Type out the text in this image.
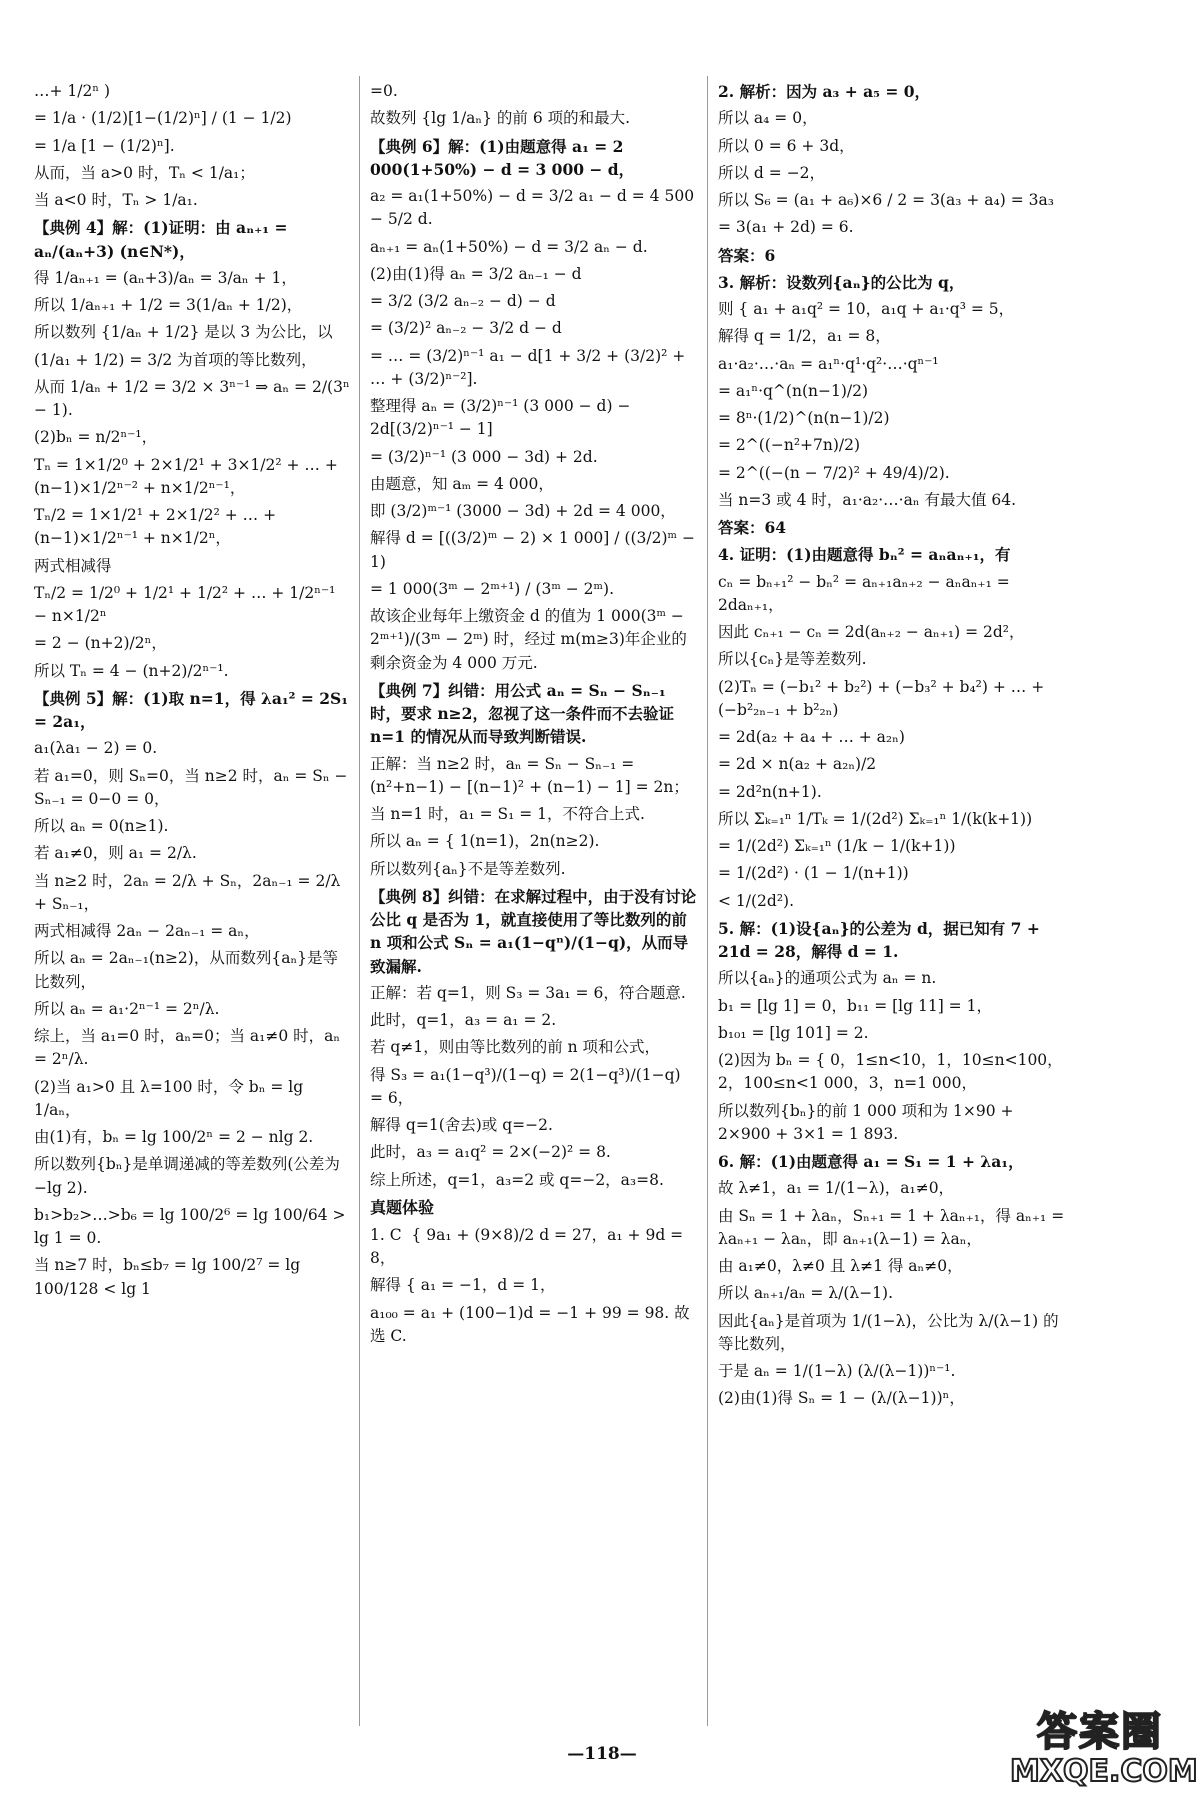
…+ 1/2ⁿ )

= 1/a · (1/2)[1−(1/2)ⁿ] / (1 − 1/2)

= 1/a [1 − (1/2)ⁿ].

从而，当 a>0 时，Tₙ < 1/a₁；

当 a<0 时，Tₙ > 1/a₁.

【典例 4】解：(1)证明：由 aₙ₊₁ = aₙ/(aₙ+3) (n∈N*)，

得 1/aₙ₊₁ = (aₙ+3)/aₙ = 3/aₙ + 1，

所以 1/aₙ₊₁ + 1/2 = 3(1/aₙ + 1/2)，

所以数列 {1/aₙ + 1/2} 是以 3 为公比，以

(1/a₁ + 1/2) = 3/2 为首项的等比数列，

从而 1/aₙ + 1/2 = 3/2 × 3ⁿ⁻¹ ⇒ aₙ = 2/(3ⁿ − 1).

(2)bₙ = n/2ⁿ⁻¹，

Tₙ = 1×1/2⁰ + 2×1/2¹ + 3×1/2² + … + (n−1)×1/2ⁿ⁻² + n×1/2ⁿ⁻¹，

Tₙ/2 = 1×1/2¹ + 2×1/2² + … + (n−1)×1/2ⁿ⁻¹ + n×1/2ⁿ，

两式相减得

Tₙ/2 = 1/2⁰ + 1/2¹ + 1/2² + … + 1/2ⁿ⁻¹ − n×1/2ⁿ

= 2 − (n+2)/2ⁿ，

所以 Tₙ = 4 − (n+2)/2ⁿ⁻¹.

【典例 5】解：(1)取 n=1，得 λa₁² = 2S₁ = 2a₁，

a₁(λa₁ − 2) = 0.

若 a₁=0，则 Sₙ=0，当 n≥2 时，aₙ = Sₙ − Sₙ₋₁ = 0−0 = 0，

所以 aₙ = 0(n≥1).

若 a₁≠0，则 a₁ = 2/λ.

当 n≥2 时，2aₙ = 2/λ + Sₙ，2aₙ₋₁ = 2/λ + Sₙ₋₁，

两式相减得 2aₙ − 2aₙ₋₁ = aₙ，

所以 aₙ = 2aₙ₋₁(n≥2)，从而数列{aₙ}是等比数列，

所以 aₙ = a₁·2ⁿ⁻¹ = 2ⁿ/λ.

综上，当 a₁=0 时，aₙ=0；当 a₁≠0 时，aₙ = 2ⁿ/λ.

(2)当 a₁>0 且 λ=100 时，令 bₙ = lg 1/aₙ，

由(1)有，bₙ = lg 100/2ⁿ = 2 − nlg 2.

所以数列{bₙ}是单调递减的等差数列(公差为 −lg 2).

b₁>b₂>…>b₆ = lg 100/2⁶ = lg 100/64 > lg 1 = 0.

当 n≥7 时，bₙ≤b₇ = lg 100/2⁷ = lg 100/128 < lg 1

=0.

故数列 {lg 1/aₙ} 的前 6 项的和最大.

【典例 6】解：(1)由题意得 a₁ = 2 000(1+50%) − d = 3 000 − d，

a₂ = a₁(1+50%) − d = 3/2 a₁ − d = 4 500 − 5/2 d.

aₙ₊₁ = aₙ(1+50%) − d = 3/2 aₙ − d.

(2)由(1)得 aₙ = 3/2 aₙ₋₁ − d

= 3/2 (3/2 aₙ₋₂ − d) − d

= (3/2)² aₙ₋₂ − 3/2 d − d

= … = (3/2)ⁿ⁻¹ a₁ − d[1 + 3/2 + (3/2)² + … + (3/2)ⁿ⁻²].

整理得 aₙ = (3/2)ⁿ⁻¹ (3 000 − d) − 2d[(3/2)ⁿ⁻¹ − 1]

= (3/2)ⁿ⁻¹ (3 000 − 3d) + 2d.

由题意，知 aₘ = 4 000，

即 (3/2)ᵐ⁻¹ (3000 − 3d) + 2d = 4 000，

解得 d = [((3/2)ᵐ − 2) × 1 000] / ((3/2)ᵐ − 1)

= 1 000(3ᵐ − 2ᵐ⁺¹) / (3ᵐ − 2ᵐ).

故该企业每年上缴资金 d 的值为 1 000(3ᵐ − 2ᵐ⁺¹)/(3ᵐ − 2ᵐ) 时，经过 m(m≥3)年企业的剩余资金为 4 000 万元.

【典例 7】纠错：用公式 aₙ = Sₙ − Sₙ₋₁ 时，要求 n≥2，忽视了这一条件而不去验证 n=1 的情况从而导致判断错误.

正解：当 n≥2 时，aₙ = Sₙ − Sₙ₋₁ = (n²+n−1) − [(n−1)² + (n−1) − 1] = 2n；

当 n=1 时，a₁ = S₁ = 1，不符合上式.

所以 aₙ = { 1(n=1)，2n(n≥2).

所以数列{aₙ}不是等差数列.

【典例 8】纠错：在求解过程中，由于没有讨论公比 q 是否为 1，就直接使用了等比数列的前 n 项和公式 Sₙ = a₁(1−qⁿ)/(1−q)，从而导致漏解.

正解：若 q=1，则 S₃ = 3a₁ = 6，符合题意.

此时，q=1，a₃ = a₁ = 2.

若 q≠1，则由等比数列的前 n 项和公式，

得 S₃ = a₁(1−q³)/(1−q) = 2(1−q³)/(1−q) = 6，

解得 q=1(舍去)或 q=−2.

此时，a₃ = a₁q² = 2×(−2)² = 8.

综上所述，q=1，a₃=2 或 q=−2，a₃=8.

真题体验

1. C  { 9a₁ + (9×8)/2 d = 27，a₁ + 9d = 8，

解得 { a₁ = −1，d = 1，

a₁₀₀ = a₁ + (100−1)d = −1 + 99 = 98. 故选 C.

2. 解析：因为 a₃ + a₅ = 0，

所以 a₄ = 0，

所以 0 = 6 + 3d，

所以 d = −2，

所以 S₆ = (a₁ + a₆)×6 / 2 = 3(a₃ + a₄) = 3a₃

= 3(a₁ + 2d) = 6.

答案：6

3. 解析：设数列{aₙ}的公比为 q，

则 { a₁ + a₁q² = 10，a₁q + a₁·q³ = 5，

解得 q = 1/2，a₁ = 8，

a₁·a₂·…·aₙ = a₁ⁿ·q¹·q²·…·qⁿ⁻¹

= a₁ⁿ·q^(n(n−1)/2)

= 8ⁿ·(1/2)^(n(n−1)/2)

= 2^((−n²+7n)/2)

= 2^((−(n − 7/2)² + 49/4)/2).

当 n=3 或 4 时，a₁·a₂·…·aₙ 有最大值 64.

答案：64

4. 证明：(1)由题意得 bₙ² = aₙaₙ₊₁，有

cₙ = bₙ₊₁² − bₙ² = aₙ₊₁aₙ₊₂ − aₙaₙ₊₁ = 2daₙ₊₁，

因此 cₙ₊₁ − cₙ = 2d(aₙ₊₂ − aₙ₊₁) = 2d²，

所以{cₙ}是等差数列.

(2)Tₙ = (−b₁² + b₂²) + (−b₃² + b₄²) + … + (−b²₂ₙ₋₁ + b²₂ₙ)

= 2d(a₂ + a₄ + … + a₂ₙ)

= 2d × n(a₂ + a₂ₙ)/2

= 2d²n(n+1).

所以 Σₖ₌₁ⁿ 1/Tₖ = 1/(2d²) Σₖ₌₁ⁿ 1/(k(k+1))

= 1/(2d²) Σₖ₌₁ⁿ (1/k − 1/(k+1))

= 1/(2d²) · (1 − 1/(n+1))

< 1/(2d²).

5. 解：(1)设{aₙ}的公差为 d，据已知有 7 + 21d = 28，解得 d = 1.

所以{aₙ}的通项公式为 aₙ = n.

b₁ = [lg 1] = 0，b₁₁ = [lg 11] = 1，

b₁₀₁ = [lg 101] = 2.

(2)因为 bₙ = { 0，1≤n<10，1，10≤n<100，2，100≤n<1 000，3，n=1 000，

所以数列{bₙ}的前 1 000 项和为 1×90 + 2×900 + 3×1 = 1 893.

6. 解：(1)由题意得 a₁ = S₁ = 1 + λa₁，

故 λ≠1，a₁ = 1/(1−λ)，a₁≠0，

由 Sₙ = 1 + λaₙ，Sₙ₊₁ = 1 + λaₙ₊₁，得 aₙ₊₁ = λaₙ₊₁ − λaₙ，即 aₙ₊₁(λ−1) = λaₙ，

由 a₁≠0，λ≠0 且 λ≠1 得 aₙ≠0，

所以 aₙ₊₁/aₙ = λ/(λ−1).

因此{aₙ}是首项为 1/(1−λ)，公比为 λ/(λ−1) 的等比数列，

于是 aₙ = 1/(1−λ) (λ/(λ−1))ⁿ⁻¹.

(2)由(1)得 Sₙ = 1 − (λ/(λ−1))ⁿ，

—118—	答案圈
MXQE.COM
